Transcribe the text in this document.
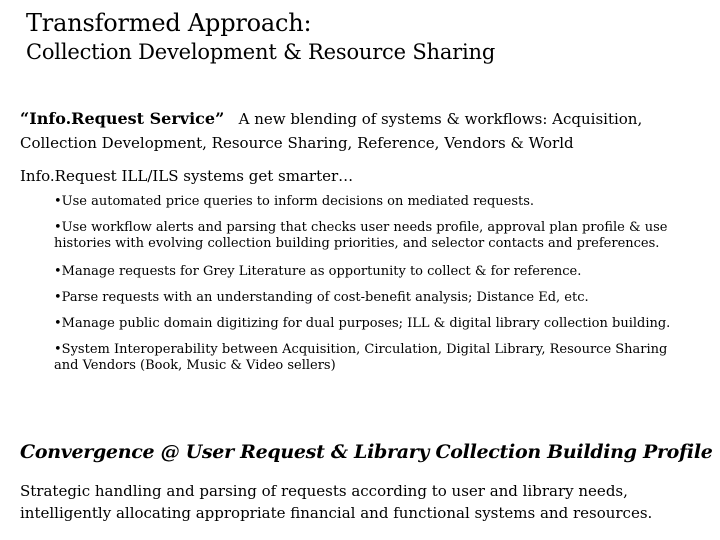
Transformed Approach:
Collection Development & Resource Sharing
“Info.Request Service” A new blending of systems & workflows: Acquisition, Collection Development, Resource Sharing, Reference, Vendors & World
Info.Request ILL/ILS systems get smarter…
•Use automated price queries to inform decisions on mediated requests.
•Use workflow alerts and parsing that checks user needs profile, approval plan profile & use histories with evolving collection building priorities, and selector contacts and preferences.
•Manage requests for Grey Literature as opportunity to collect & for reference.
•Parse requests with an understanding of cost-benefit analysis; Distance Ed, etc.
•Manage public domain digitizing for dual purposes; ILL & digital library collection building.
•System Interoperability between Acquisition, Circulation, Digital Library, Resource Sharing and Vendors (Book, Music & Video sellers)
Convergence @ User Request & Library Collection Building Profile
Strategic handling and parsing of requests according to user and library needs, intelligently allocating appropriate financial and functional systems and resources.
